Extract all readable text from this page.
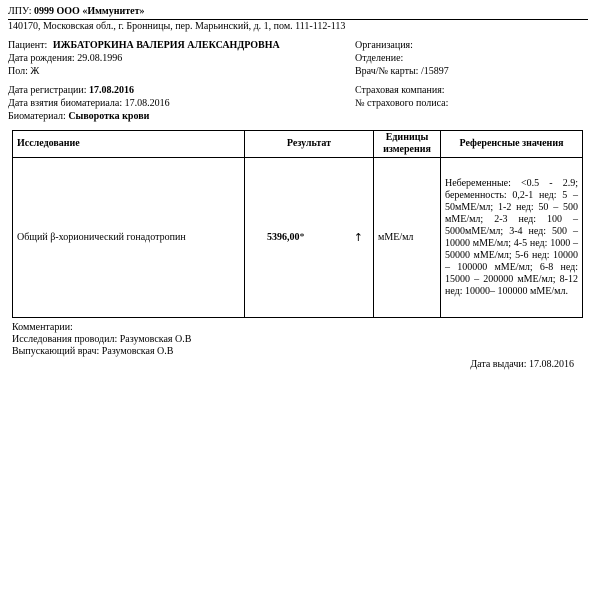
ЛПУ: 0999 ООО «Иммунитет»
140170, Московская обл., г. Бронницы, пер. Марьинский, д. 1, пом. 111-112-113
Пациент: ИЖБАТОРКИНА ВАЛЕРИЯ АЛЕКСАНДРОВНА
Дата рождения: 29.08.1996
Пол: Ж
Дата регистрации: 17.08.2016
Дата взятия биоматериала: 17.08.2016
Биоматериал: Сыворотка крови
Организация:
Отделение:
Врач/№ карты: /15897
Страховая компания:
№ страхового полиса:
Исследование	Результат	Единицы измерения	Референсные значения
Общий β-хорионический гонадотропин	5396,00* ↑	мМЕ/мл	Небеременные: <0.5 - 2.9; беременность: 0,2-1 нед: 5 – 50мМЕ/мл; 1-2 нед: 50 – 500 мМЕ/мл; 2-3 нед: 100 – 5000мМЕ/мл; 3-4 нед: 500 – 10000 мМЕ/мл; 4-5 нед: 1000 – 50000 мМЕ/мл; 5-6 нед: 10000 – 100000 мМЕ/мл; 6-8 нед: 15000 – 200000 мМЕ/мл; 8-12 нед: 10000– 100000 мМЕ/мл.
Комментарии:
Исследования проводил: Разумовская О.В
Выпускающий врач: Разумовская О.В
Дата выдачи: 17.08.2016
